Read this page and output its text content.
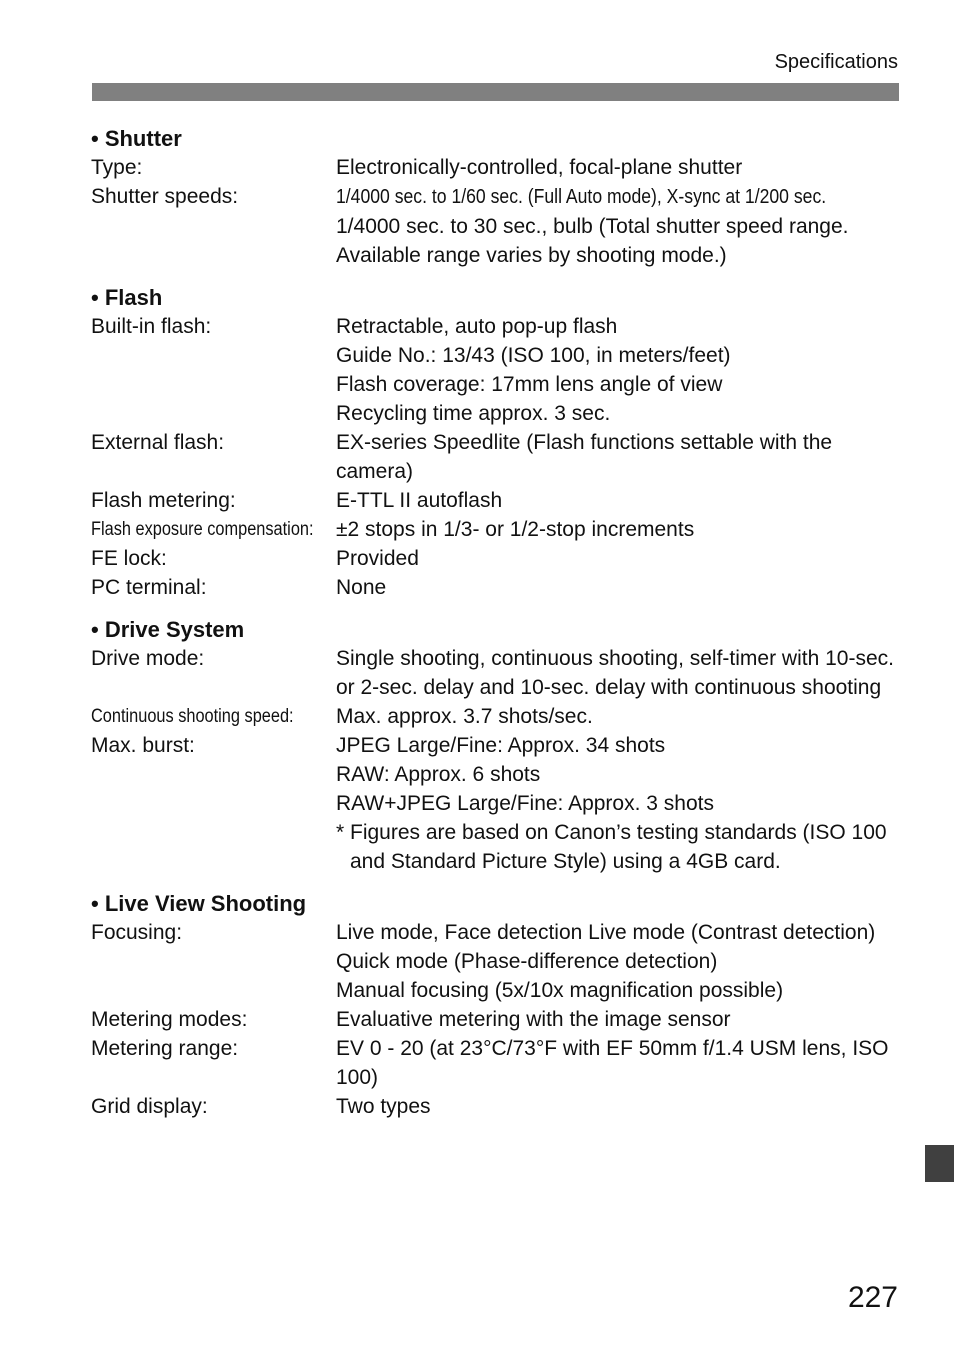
Specifications
• Shutter
Type:	Electronically-controlled, focal-plane shutter
Shutter speeds:	1/4000 sec. to 1/60 sec. (Full Auto mode), X-sync at 1/200 sec.
1/4000 sec. to 30 sec., bulb (Total shutter speed range. Available range varies by shooting mode.)
• Flash
Built-in flash:	Retractable, auto pop-up flash
Guide No.: 13/43 (ISO 100, in meters/feet)
Flash coverage: 17mm lens angle of view
Recycling time approx. 3 sec.
External flash:	EX-series Speedlite (Flash functions settable with the camera)
Flash metering:	E-TTL II autoflash
Flash exposure compensation:	±2 stops in 1/3- or 1/2-stop increments
FE lock:	Provided
PC terminal:	None
• Drive System
Drive mode:	Single shooting, continuous shooting, self-timer with 10-sec. or 2-sec. delay and 10-sec. delay with continuous shooting
Continuous shooting speed:	Max. approx. 3.7 shots/sec.
Max. burst:	JPEG Large/Fine: Approx. 34 shots
RAW: Approx. 6 shots
RAW+JPEG Large/Fine: Approx. 3 shots
* Figures are based on Canon’s testing standards (ISO 100 and Standard Picture Style) using a 4GB card.
• Live View Shooting
Focusing:	Live mode, Face detection Live mode (Contrast detection)
Quick mode (Phase-difference detection)
Manual focusing (5x/10x magnification possible)
Metering modes:	Evaluative metering with the image sensor
Metering range:	EV 0 - 20 (at 23°C/73°F with EF 50mm f/1.4 USM lens, ISO 100)
Grid display:	Two types
227
